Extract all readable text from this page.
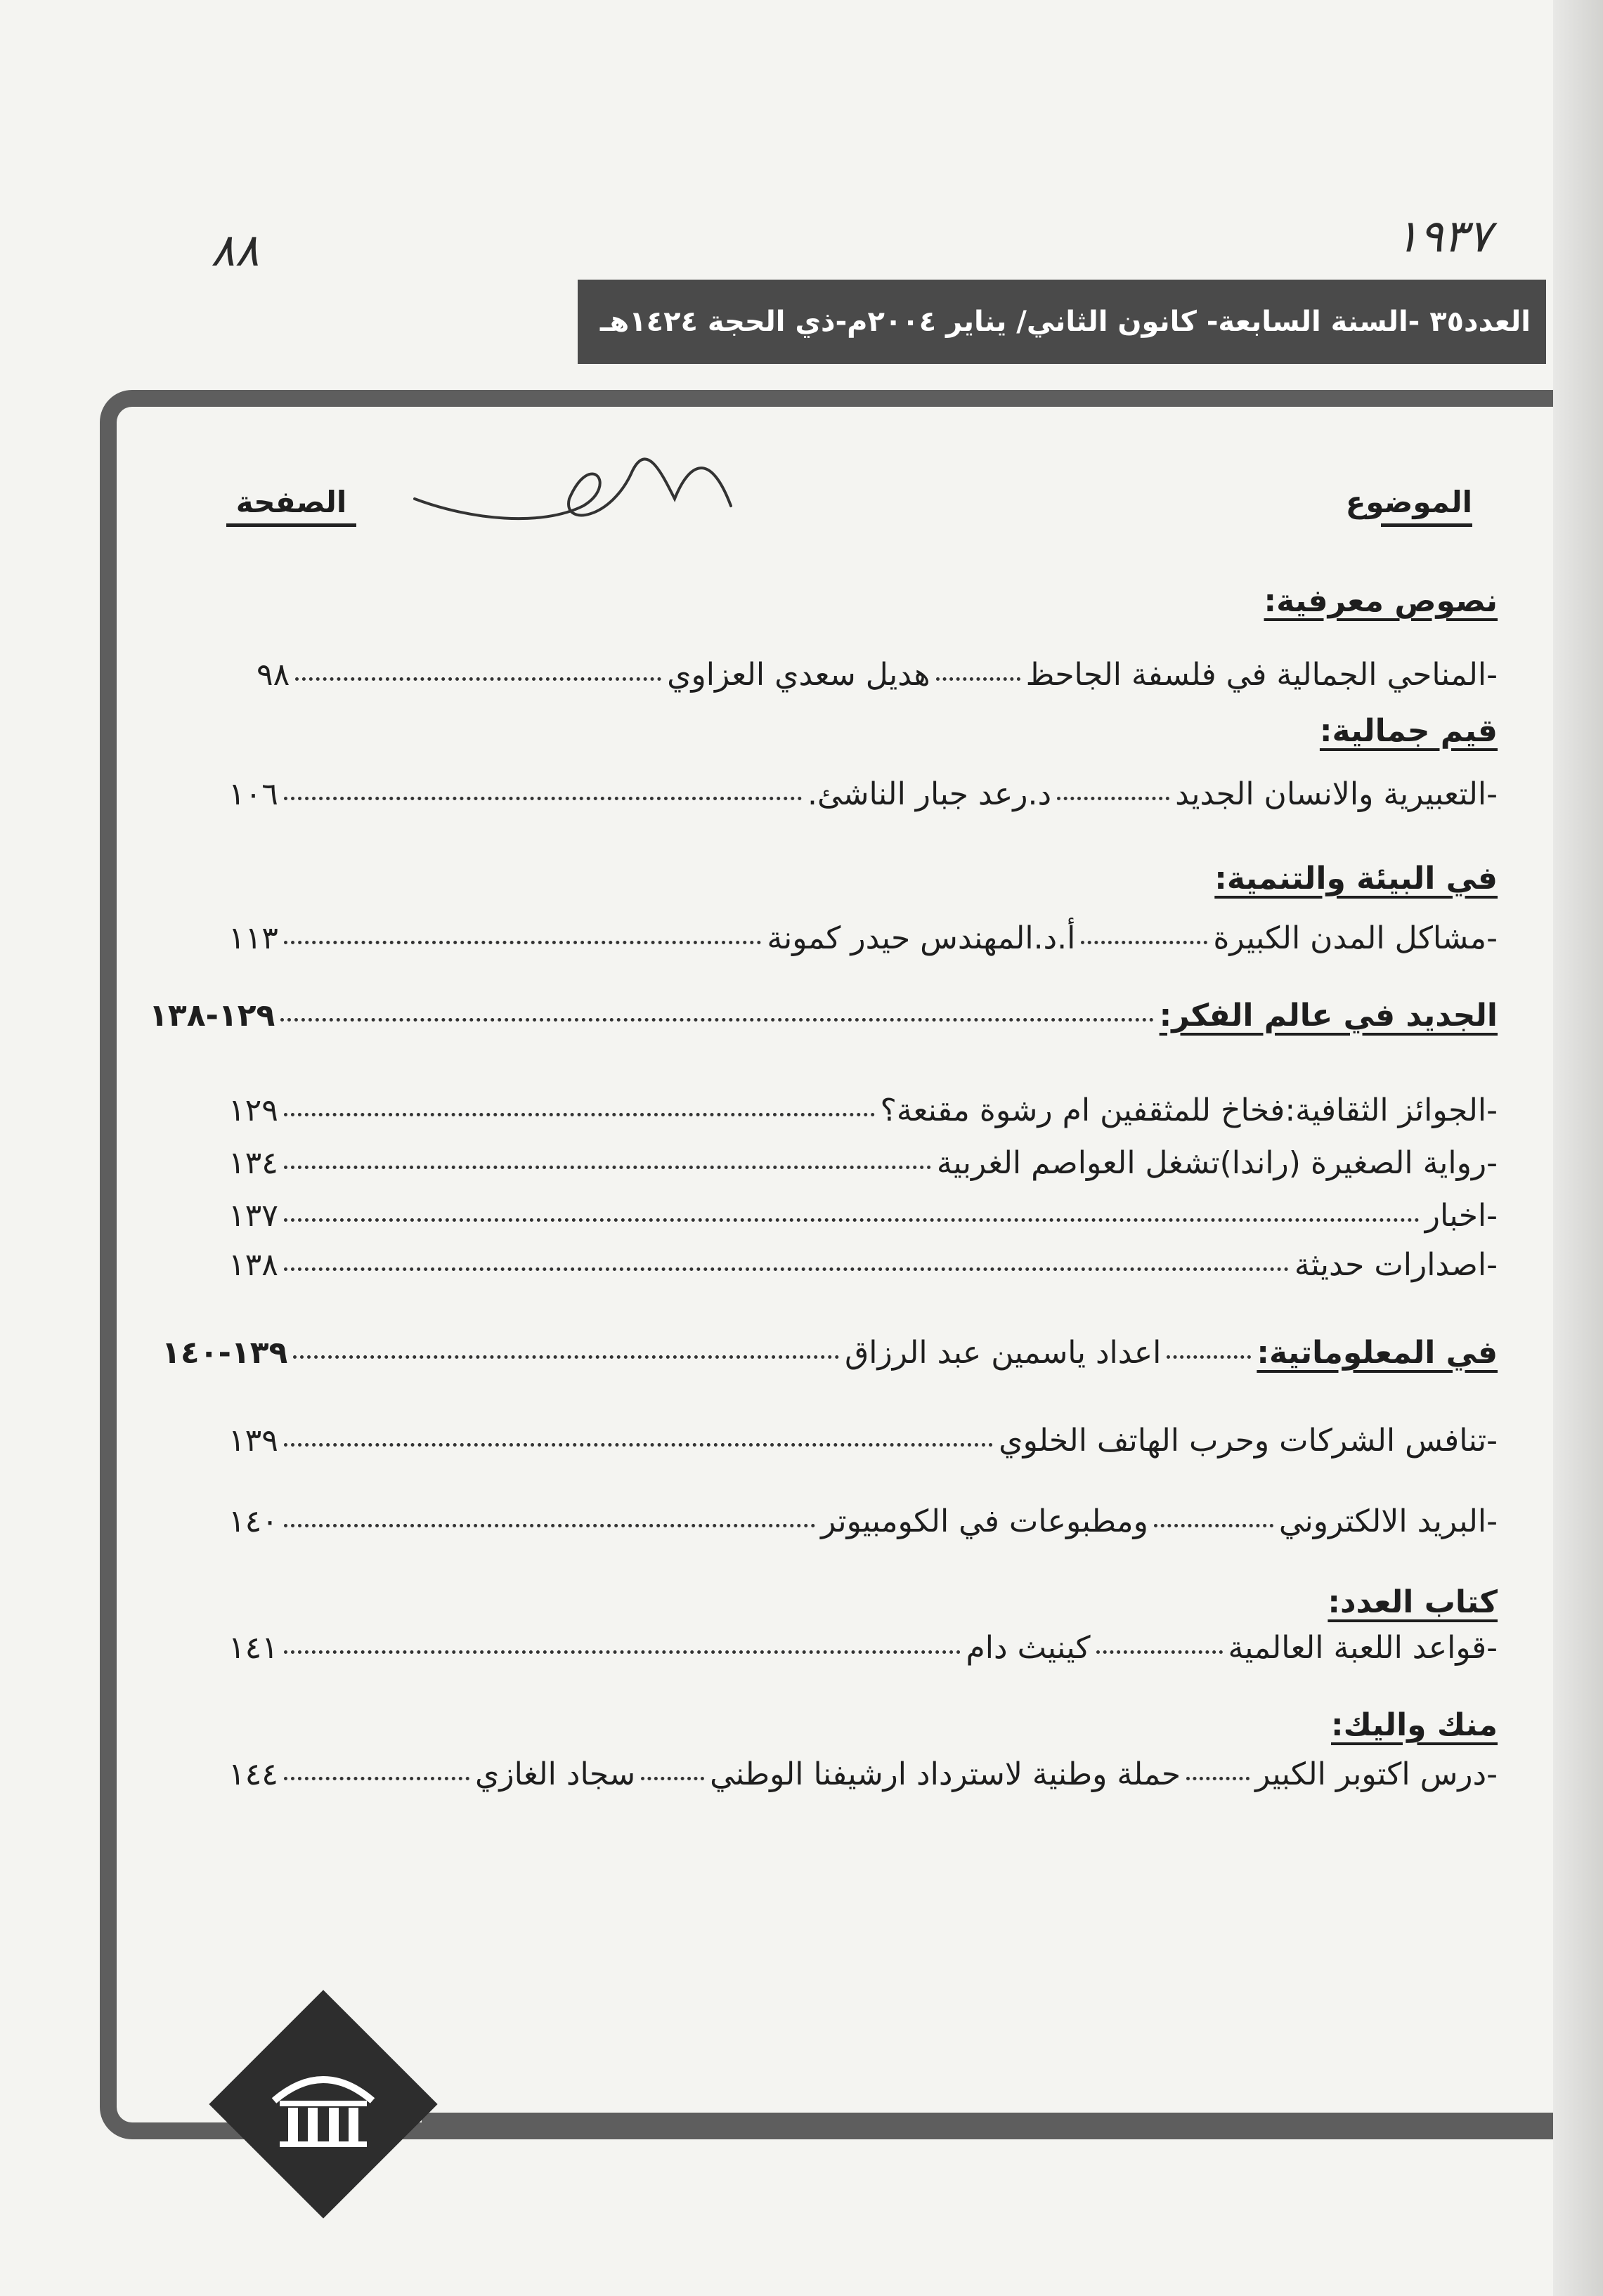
٨٨	١٩٣٧
العدد٣٥ -السنة السابعة- كانون الثاني/ يناير ٢٠٠٤م-ذي الحجة ١٤٢٤هـ
الموضوع
الصفحة
نصوص معرفية:
-المناحي الجمالية في فلسفة الجاحظ
هديل سعدي العزاوي
٩٨
قيم جمالية:
-التعبيرية والانسان الجديد
د.رعد جبار الناشئ.
١٠٦
في البيئة والتنمية:
-مشاكل المدن الكبيرة
أ.د.المهندس حيدر كمونة
١١٣
الجديد في عالم الفكر:
١٢٩-١٣٨
-الجوائز الثقافية:فخاخ للمثقفين ام رشوة مقنعة؟
١٢٩
-رواية الصغيرة (راندا)تشغل العواصم الغربية
١٣٤
-اخبار
١٣٧
-اصدارات حديثة
١٣٨
في المعلوماتية:
اعداد ياسمين عبد الرزاق
١٣٩-١٤٠
-تنافس الشركات وحرب الهاتف الخلوي
١٣٩
-البريد الالكتروني
ومطبوعات في الكومبيوتر
١٤٠
كتاب العدد:
-قواعد اللعبة العالمية
كينيث دام
١٤١
منك واليك:
-درس اكتوبر الكبير
حملة وطنية لاسترداد ارشيفنا الوطني
سجاد الغازي
١٤٤
